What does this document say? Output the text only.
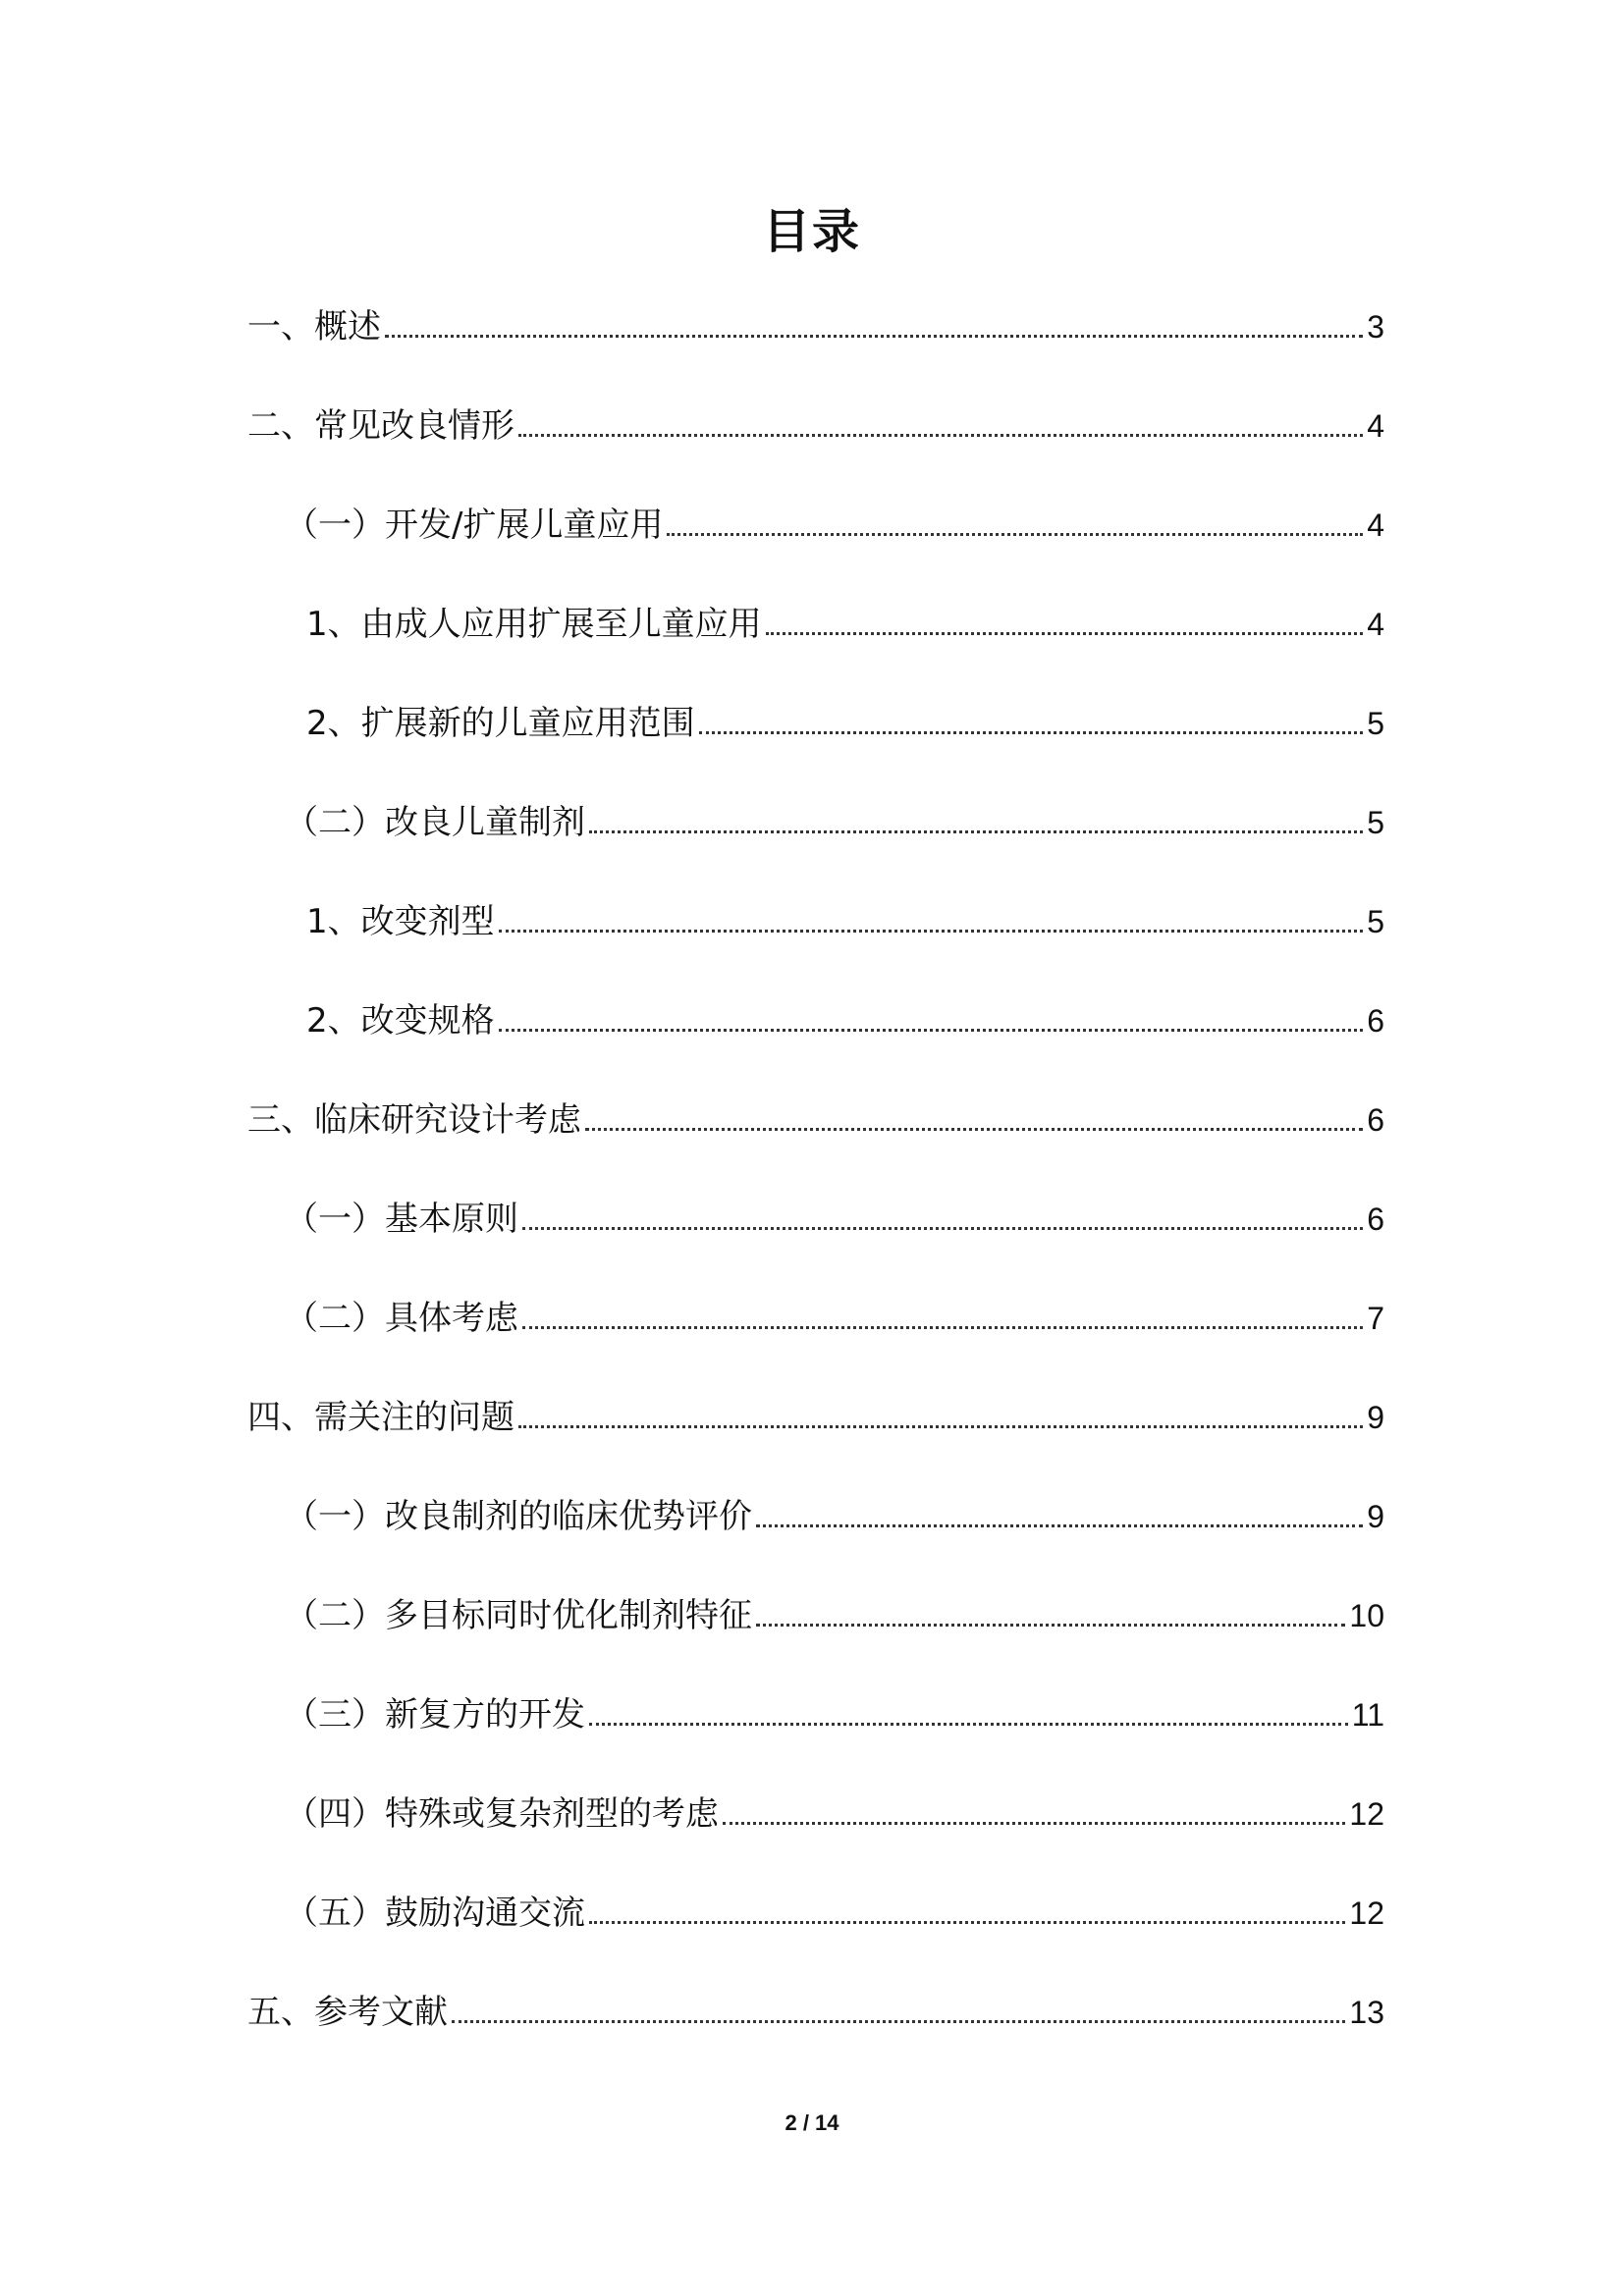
目录
一、概述	3
二、常见改良情形	4
（一）开发/扩展儿童应用	4
1、由成人应用扩展至儿童应用	4
2、扩展新的儿童应用范围	5
（二）改良儿童制剂	5
1、改变剂型	5
2、改变规格	6
三、临床研究设计考虑	6
（一）基本原则	6
（二）具体考虑	7
四、需关注的问题	9
（一）改良制剂的临床优势评价	9
（二）多目标同时优化制剂特征	10
（三）新复方的开发	11
（四）特殊或复杂剂型的考虑	12
（五）鼓励沟通交流	12
五、参考文献	13
2 / 14
